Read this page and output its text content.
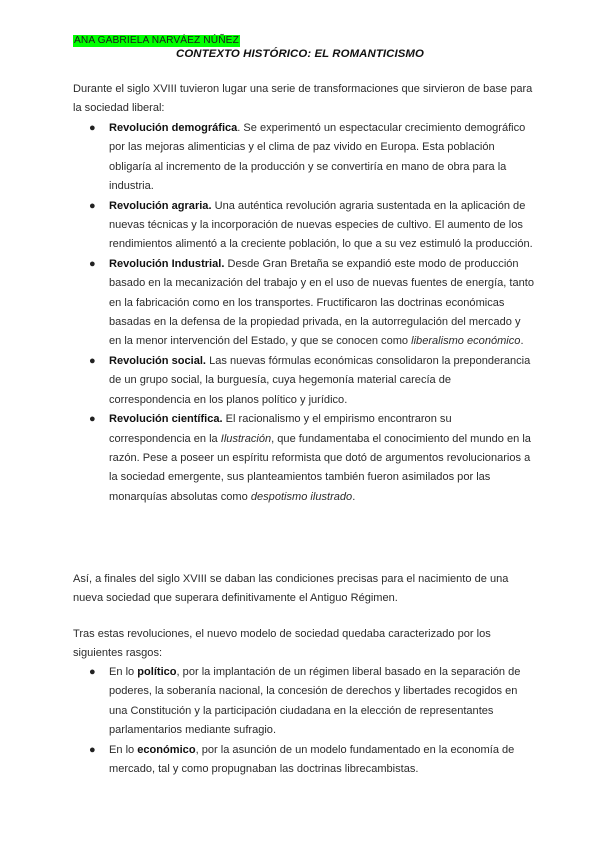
ANA GABRIELA NARVÁEZ NÚÑEZ
CONTEXTO HISTÓRICO: EL ROMANTICISMO

Durante el siglo XVIII tuvieron lugar una serie de transformaciones que sirvieron de base para la sociedad liberal:

● Revolución demográfica. Se experimentó un espectacular crecimiento demográfico por las mejoras alimenticias y el clima de paz vivido en Europa. Esta población obligaría al incremento de la producción y se convertiría en mano de obra para la industria.
● Revolución agraria. Una auténtica revolución agraria sustentada en la aplicación de nuevas técnicas y la incorporación de nuevas especies de cultivo. El aumento de los rendimientos alimentó a la creciente población, lo que a su vez estimuló la producción.
● Revolución Industrial. Desde Gran Bretaña se expandió este modo de producción basado en la mecanización del trabajo y en el uso de nuevas fuentes de energía, tanto en la fabricación como en los transportes. Fructificaron las doctrinas económicas basadas en la defensa de la propiedad privada, en la autorregulación del mercado y en la menor intervención del Estado, y que se conocen como liberalismo económico.
● Revolución social. Las nuevas fórmulas económicas consolidaron la preponderancia de un grupo social, la burguesía, cuya hegemonía material carecía de correspondencia en los planos político y jurídico.
● Revolución científica. El racionalismo y el empirismo encontraron su correspondencia en la Ilustración, que fundamentaba el conocimiento del mundo en la razón. Pese a poseer un espíritu reformista que dotó de argumentos revolucionarios a la sociedad emergente, sus planteamientos también fueron asimilados por las monarquías absolutas como despotismo ilustrado.

Así, a finales del siglo XVIII se daban las condiciones precisas para el nacimiento de una nueva sociedad que superara definitivamente el Antiguo Régimen.

Tras estas revoluciones, el nuevo modelo de sociedad quedaba caracterizado por los siguientes rasgos:

● En lo político, por la implantación de un régimen liberal basado en la separación de poderes, la soberanía nacional, la concesión de derechos y libertades recogidos en una Constitución y la participación ciudadana en la elección de representantes parlamentarios mediante sufragio.
● En lo económico, por la asunción de un modelo fundamentado en la economía de mercado, tal y como propugnaban las doctrinas librecambistas.
